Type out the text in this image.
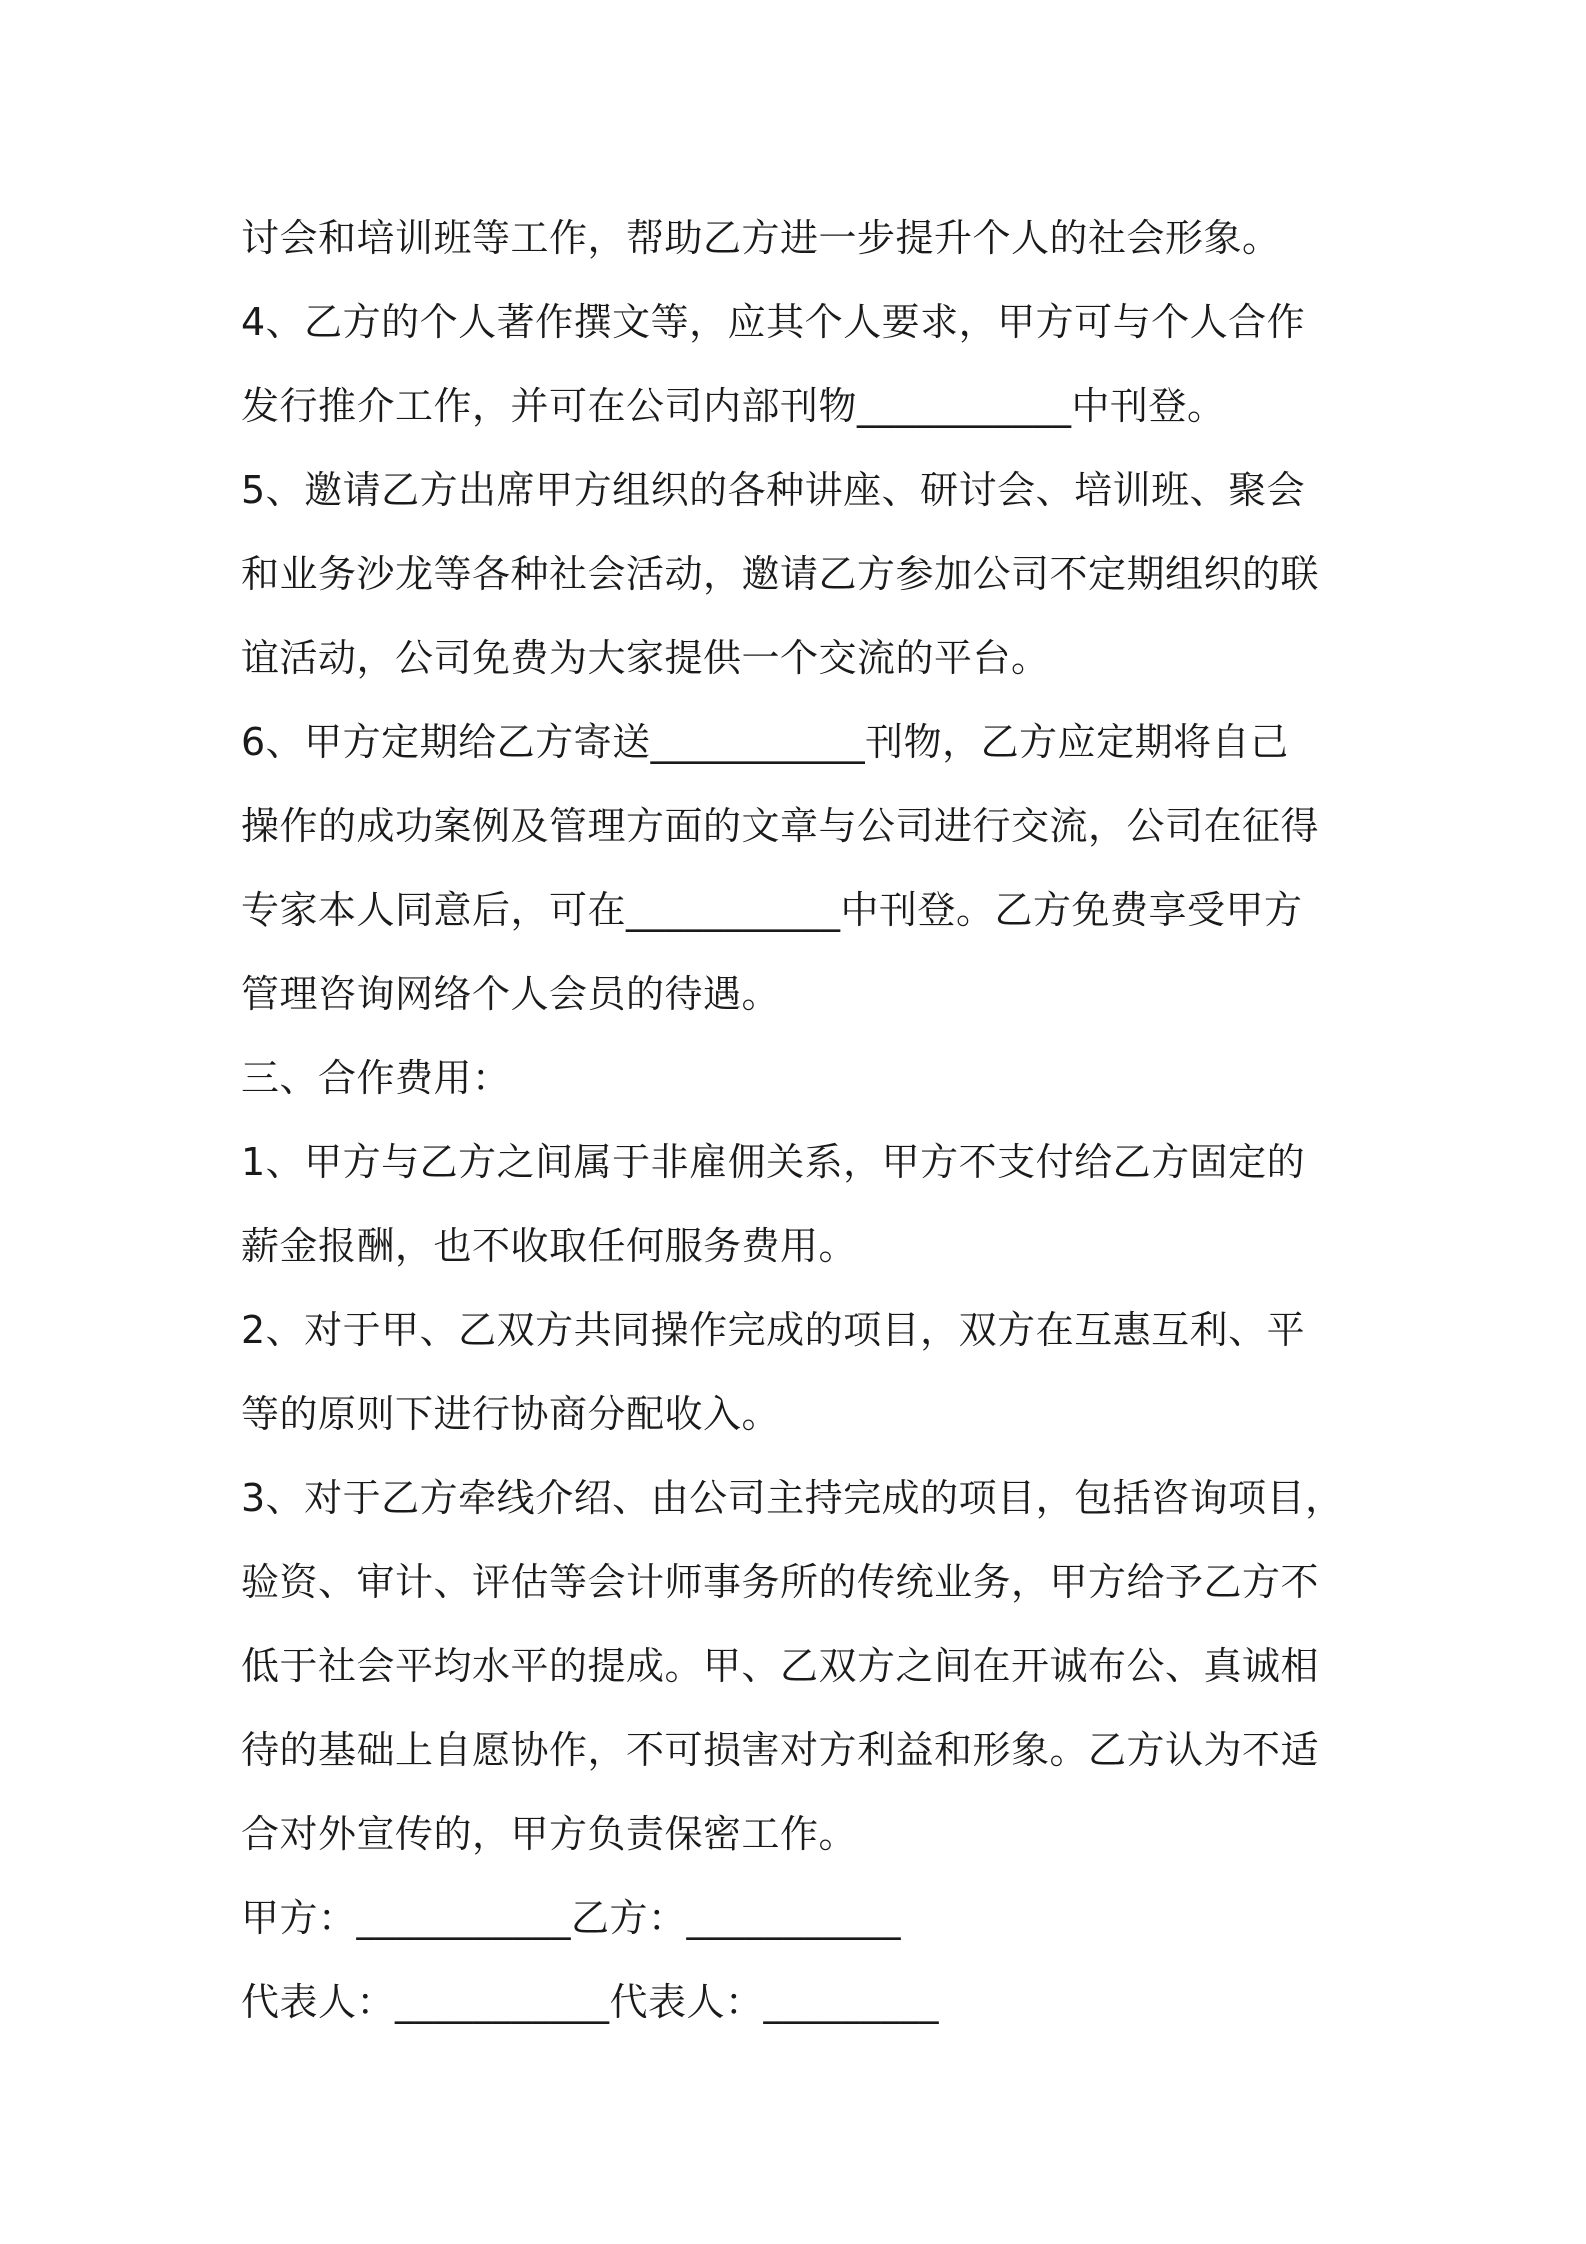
讨会和培训班等工作，帮助乙方进一步提升个人的社会形象。
4、乙方的个人著作撰文等，应其个人要求，甲方可与个人合作
发行推介工作，并可在公司内部刊物___________中刊登。
5、邀请乙方出席甲方组织的各种讲座、研讨会、培训班、聚会
和业务沙龙等各种社会活动，邀请乙方参加公司不定期组织的联
谊活动，公司免费为大家提供一个交流的平台。
6、甲方定期给乙方寄送___________刊物，乙方应定期将自己
操作的成功案例及管理方面的文章与公司进行交流，公司在征得
专家本人同意后，可在___________中刊登。乙方免费享受甲方
管理咨询网络个人会员的待遇。
三、合作费用：
1、甲方与乙方之间属于非雇佣关系，甲方不支付给乙方固定的
薪金报酬，也不收取任何服务费用。
2、对于甲、乙双方共同操作完成的项目，双方在互惠互利、平
等的原则下进行协商分配收入。
3、对于乙方牵线介绍、由公司主持完成的项目，包括咨询项目，
验资、审计、评估等会计师事务所的传统业务，甲方给予乙方不
低于社会平均水平的提成。甲、乙双方之间在开诚布公、真诚相
待的基础上自愿协作，不可损害对方利益和形象。乙方认为不适
合对外宣传的，甲方负责保密工作。
甲方：___________乙方：___________
代表人：___________代表人：_________
